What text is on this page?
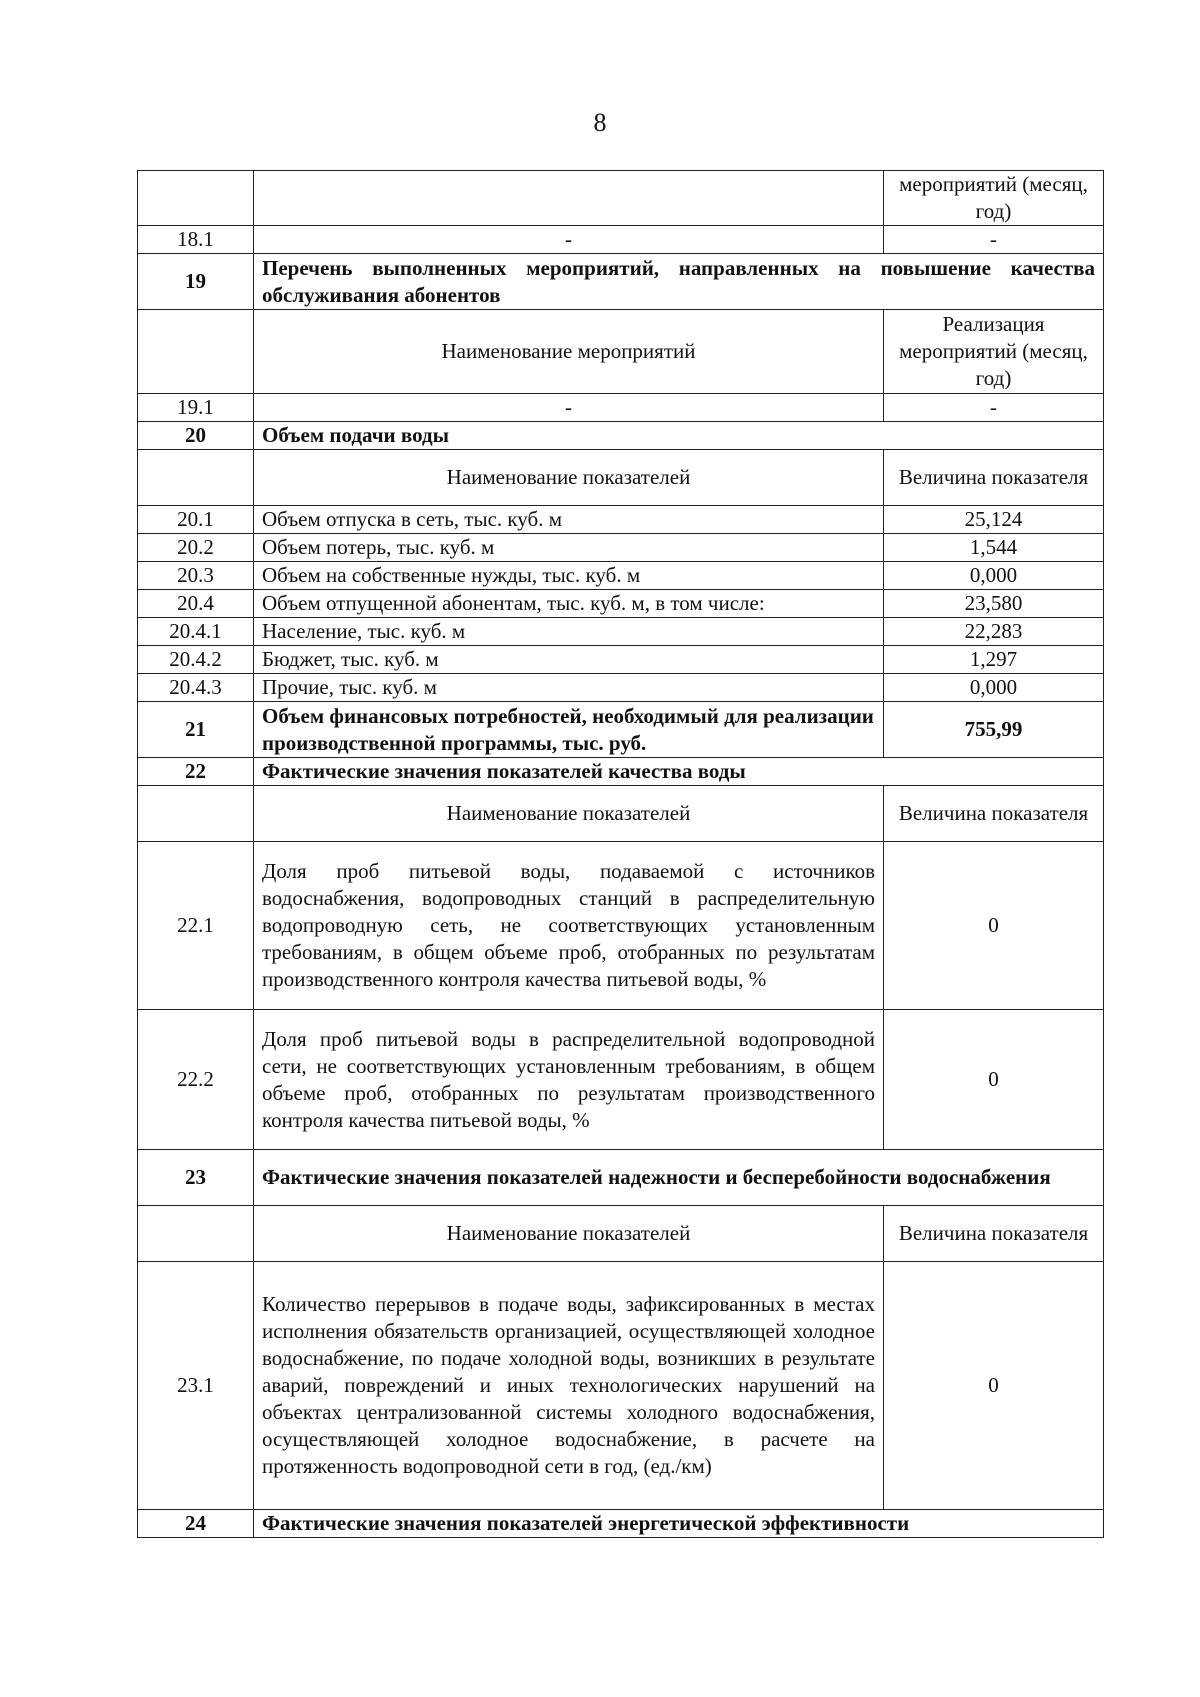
8
		мероприятий (месяц, год)
18.1	-	-
19	Перечень выполненных мероприятий, направленных на повышение качества обслуживания абонентов	
	Наименование мероприятий	Реализация мероприятий (месяц, год)
19.1	-	-
20	Объем подачи воды	
	Наименование показателей	Величина показателя
20.1	Объем отпуска в сеть, тыс. куб. м	25,124
20.2	Объем потерь, тыс. куб. м	1,544
20.3	Объем на собственные нужды, тыс. куб. м	0,000
20.4	Объем отпущенной абонентам, тыс. куб. м, в том числе:	23,580
20.4.1	Население, тыс. куб. м	22,283
20.4.2	Бюджет, тыс. куб. м	1,297
20.4.3	Прочие, тыс. куб. м	0,000
21	Объем финансовых потребностей, необходимый для реализации производственной программы, тыс. руб.	755,99
22	Фактические значения показателей качества воды	
	Наименование показателей	Величина показателя
22.1	Доля проб питьевой воды, подаваемой с источников водоснабжения, водопроводных станций в распределительную водопроводную сеть, не соответствующих установленным требованиям, в общем объеме проб, отобранных по результатам производственного контроля качества питьевой воды, %	0
22.2	Доля проб питьевой воды в распределительной водопроводной сети, не соответствующих установленным требованиям, в общем объеме проб, отобранных по результатам производственного контроля качества питьевой воды, %	0
23	Фактические значения показателей надежности и бесперебойности водоснабжения	
	Наименование показателей	Величина показателя
23.1	Количество перерывов в подаче воды, зафиксированных в местах исполнения обязательств организацией, осуществляющей холодное водоснабжение, по подаче холодной воды, возникших в результате аварий, повреждений и иных технологических нарушений на объектах централизованной системы холодного водоснабжения, осуществляющей холодное водоснабжение, в расчете на протяженность водопроводной сети в год, (ед./км)	0
24	Фактические значения показателей энергетической эффективности	
